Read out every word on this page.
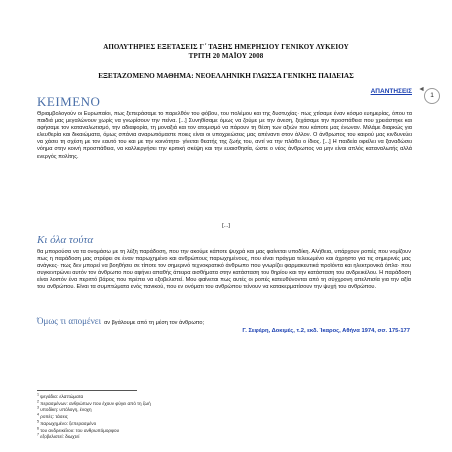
ΑΠΟΛΥΤΗΡΙΕΣ ΕΞΕΤΑΣΕΙΣ Γ΄ ΤΑΞΗΣ ΗΜΕΡΗΣΙΟΥ ΓΕΝΙΚΟΥ ΛΥΚΕΙΟΥ
ΤΡΙΤΗ 20 ΜΑΪΟΥ 2008
ΕΞΕΤΑΖΟΜΕΝΟ ΜΑΘΗΜΑ: ΝΕΟΕΛΛΗΝΙΚΗ ΓΛΩΣΣΑ ΓΕΝΙΚΗΣ ΠΑΙΔΕΙΑΣ
ΑΠΑΝΤΗΣΕΙΣ ◄
1
ΚΕΙΜΕΝΟ
Θριαμβολογούν οι Ευρωπαίοι, πως ξεπεράσαμε το παρελθόν του φόβου, του πολέμου και της δυστυχίας· πως χτίσαμε έναν κόσμο ευημερίας, όπου τα παιδιά μας μεγαλώνουν χωρίς να γνωρίσουν την πείνα. [...] Συνηθίσαμε όμως να ζούμε με την άνεση, ξεχάσαμε την προσπάθεια που χρειάστηκε και αφήσαμε τον καταναλωτισμό, την αδιαφορία, τη μοναξιά και τον ατομισμό να πάρουν τη θέση των αξιών που κάποτε μας ένωναν. Μιλάμε διαρκώς για ελευθερία και δικαιώματα, όμως σπάνια αναρωτιόμαστε ποιες είναι οι υποχρεώσεις μας απέναντι στον άλλον. Ο άνθρωπος του καιρού μας κινδυνεύει να χάσει τη σχέση με τον εαυτό του και με την κοινότητα· γίνεται θεατής της ζωής του, αντί να την πλάθει ο ίδιος. [...] Η παιδεία οφείλει να ξαναδώσει νόημα στην κοινή προσπάθεια, να καλλιεργήσει την κριτική σκέψη και την ευαισθησία, ώστε ο νέος άνθρωπος να μην είναι απλός καταναλωτής αλλά ενεργός πολίτης.
[...]
Κι όλα τούτα
θα μπορούσα να τα ονομάσω με τη λέξη παράδοση, που την ακούμε κάποτε ψυχρά και μας φαίνεται υποδίκη. Αλήθεια, υπάρχουν ροπές που νομίζουν πως η παράδοση μας στρέφει σε έναν παρωχημένο και ανθρώπους παρωχημένους, που είναι πράγμα τελειωμένο και άχρηστο για τις σημερινές μας ανάγκες· πως δεν μπορεί να βοηθήσει σε τίποτε τον σημερινό τεχνοκρατικό άνθρωπο που γνωρίζει φαρμακευτικά προϊόντα και ηλεκτρονικά όπλα· που συγκεντρώνει αυτόν τον άνθρωπο που αφήνει απαθής άπειρα αισθήματα στην κατάσταση του θηρίου και την κατάσταση του ανδρεικέλου. Η παράδοση είναι λοιπόν ένα περιττό βάρος που πρέπει να εξοβελιστεί. Μου φαίνεται πως αυτές οι ροπές κατευθύνονται από τη σύγχρονη απελπισία για την αξία του ανθρώπου. Είναι τα συμπτώματα ενός πανικού, που εν ονόματι του ανθρώπου τείνουν να κατακερματίσουν την ψυχή του ανθρώπου.
Όμως τι απομένει αν βγάλουμε από τη μέση τον άνθρωπο;
Γ. Σεφέρη, Δοκιμές, τ.2, εκδ. Ίκαρος, Αθήνα 1974, σσ. 175-177
$^1$ ψεγάδια: ελαττώματα
$^2$ περασμένων: ανθρώπων που έχουν φύγει από τη ζωή
$^3$ υποδίκη: υπόλογη, ένοχη
$^4$ ροπές: τάσεις
$^5$ παρωχημένο: ξεπερασμένο
$^6$ του ανδρεικέλου: του ανθρωπόμορφου
$^7$ εξοβελιστεί: διωχτεί
